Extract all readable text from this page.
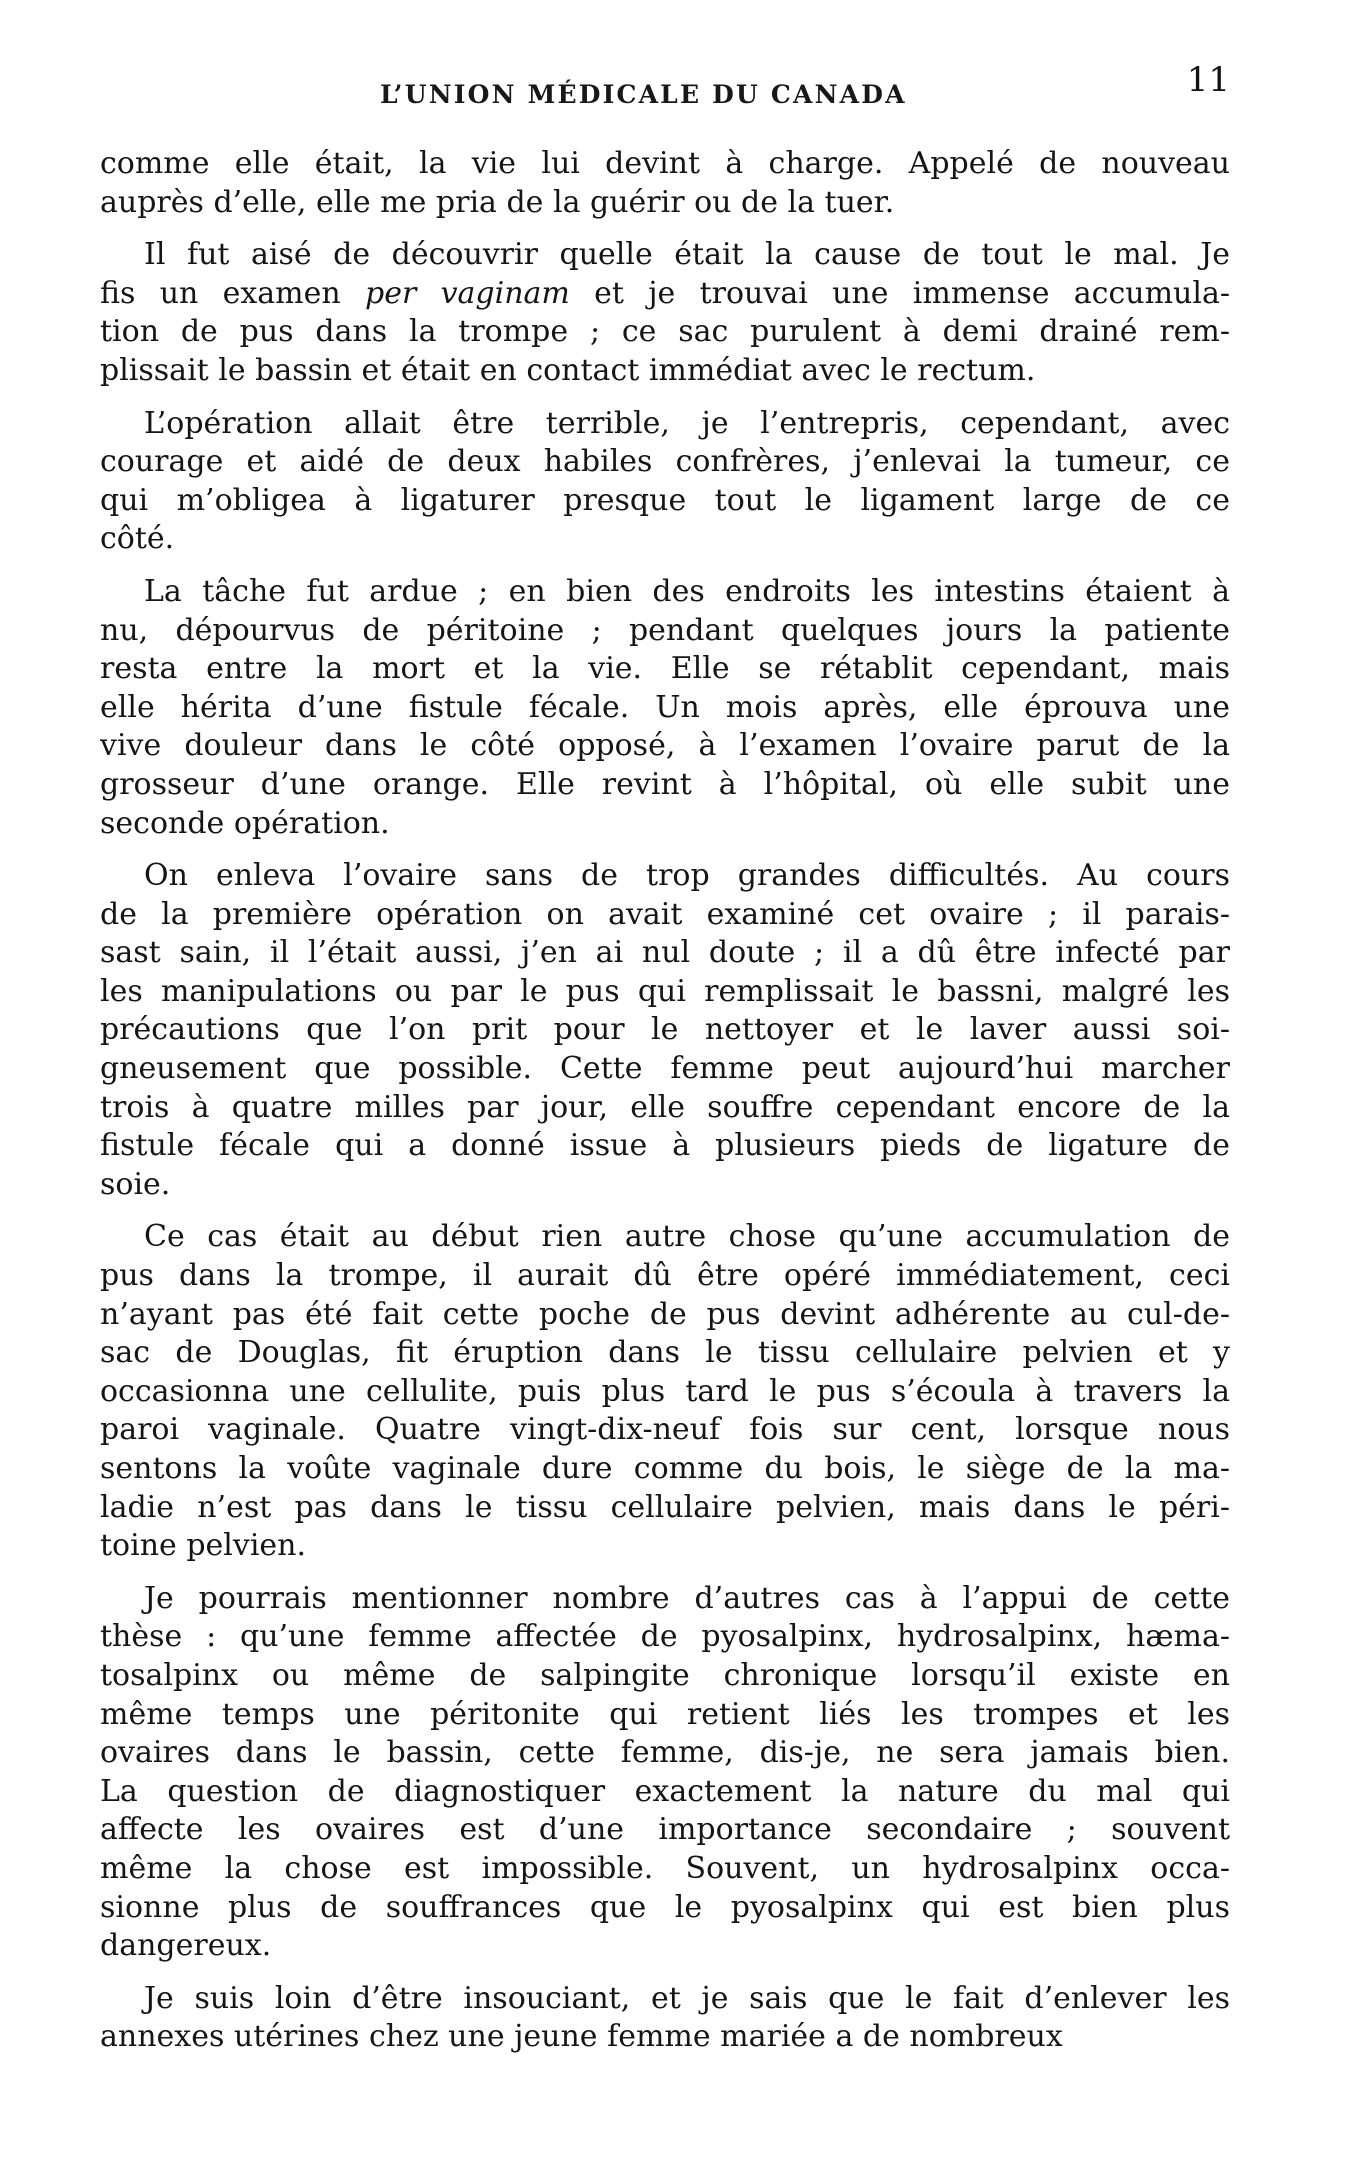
L’UNION MÉDICALE DU CANADA	11
comme elle était, la vie lui devint à charge. Appelé de nouveau
auprès d’elle, elle me pria de la guérir ou de la tuer.
Il fut aisé de découvrir quelle était la cause de tout le mal. Je
fis un examen per vaginam et je trouvai une immense accumula-
tion de pus dans la trompe ; ce sac purulent à demi drainé rem-
plissait le bassin et était en contact immédiat avec le rectum.
L’opération allait être terrible, je l’entrepris, cependant, avec
courage et aidé de deux habiles confrères, j’enlevai la tumeur, ce
qui m’obligea à ligaturer presque tout le ligament large de ce
côté.
La tâche fut ardue ; en bien des endroits les intestins étaient à
nu, dépourvus de péritoine ; pendant quelques jours la patiente
resta entre la mort et la vie. Elle se rétablit cependant, mais
elle hérita d’une fistule fécale. Un mois après, elle éprouva une
vive douleur dans le côté opposé, à l’examen l’ovaire parut de la
grosseur d’une orange. Elle revint à l’hôpital, où elle subit une
seconde opération.
On enleva l’ovaire sans de trop grandes difficultés. Au cours
de la première opération on avait examiné cet ovaire ; il parais-
sast sain, il l’était aussi, j’en ai nul doute ; il a dû être infecté par
les manipulations ou par le pus qui remplissait le bassni, malgré les
précautions que l’on prit pour le nettoyer et le laver aussi soi-
gneusement que possible. Cette femme peut aujourd’hui marcher
trois à quatre milles par jour, elle souffre cependant encore de la
fistule fécale qui a donné issue à plusieurs pieds de ligature de
soie.
Ce cas était au début rien autre chose qu’une accumulation de
pus dans la trompe, il aurait dû être opéré immédiatement, ceci
n’ayant pas été fait cette poche de pus devint adhérente au cul-de-
sac de Douglas, fit éruption dans le tissu cellulaire pelvien et y
occasionna une cellulite, puis plus tard le pus s’écoula à travers la
paroi vaginale. Quatre vingt-dix-neuf fois sur cent, lorsque nous
sentons la voûte vaginale dure comme du bois, le siège de la ma-
ladie n’est pas dans le tissu cellulaire pelvien, mais dans le péri-
toine pelvien.
Je pourrais mentionner nombre d’autres cas à l’appui de cette
thèse : qu’une femme affectée de pyosalpinx, hydrosalpinx, hæma-
tosalpinx ou même de salpingite chronique lorsqu’il existe en
même temps une péritonite qui retient liés les trompes et les
ovaires dans le bassin, cette femme, dis-je, ne sera jamais bien.
La question de diagnostiquer exactement la nature du mal qui
affecte les ovaires est d’une importance secondaire ; souvent
même la chose est impossible. Souvent, un hydrosalpinx occa-
sionne plus de souffrances que le pyosalpinx qui est bien plus
dangereux.
Je suis loin d’être insouciant, et je sais que le fait d’enlever les
annexes utérines chez une jeune femme mariée a de nombreux
